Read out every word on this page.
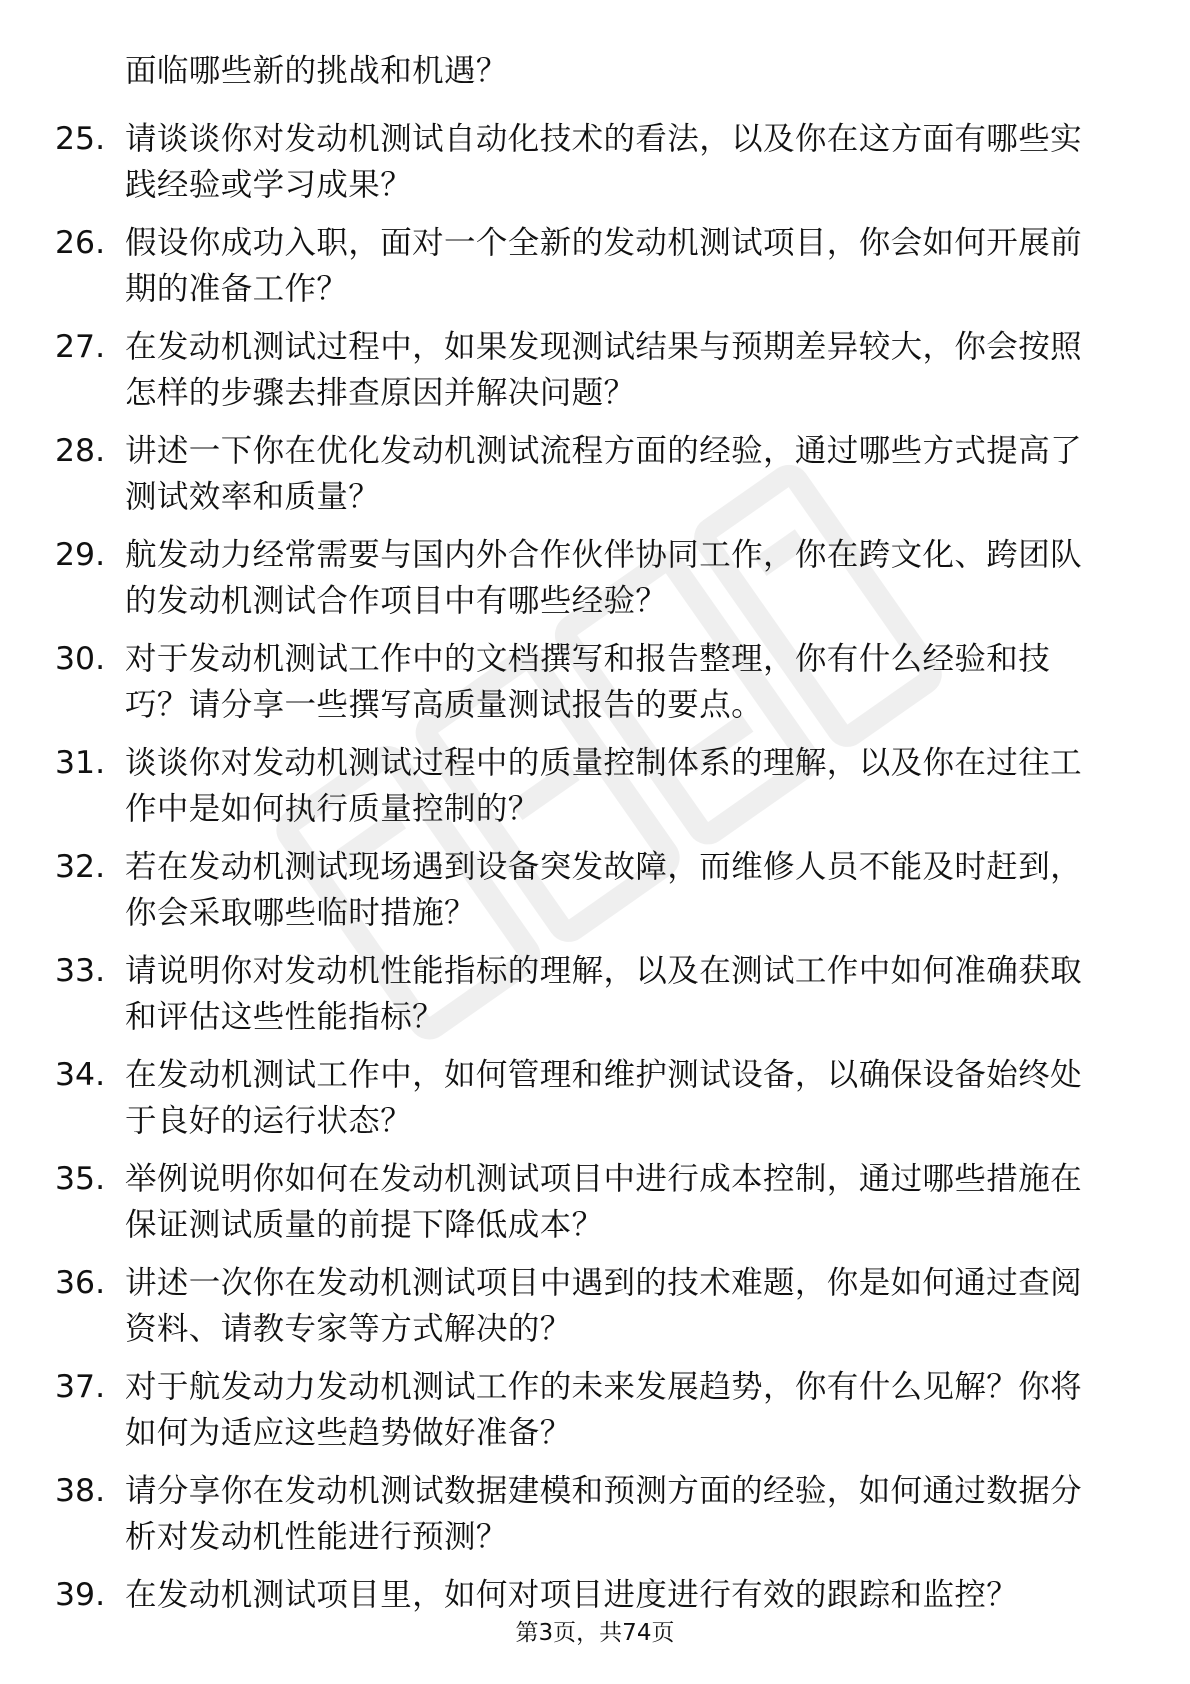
面临哪些新的挑战和机遇？
25. 请谈谈你对发动机测试自动化技术的看法，以及你在这方面有哪些实践经验或学习成果？
26. 假设你成功入职，面对一个全新的发动机测试项目，你会如何开展前期的准备工作？
27. 在发动机测试过程中，如果发现测试结果与预期差异较大，你会按照怎样的步骤去排查原因并解决问题？
28. 讲述一下你在优化发动机测试流程方面的经验，通过哪些方式提高了测试效率和质量？
29. 航发动力经常需要与国内外合作伙伴协同工作，你在跨文化、跨团队的发动机测试合作项目中有哪些经验？
30. 对于发动机测试工作中的文档撰写和报告整理，你有什么经验和技巧？请分享一些撰写高质量测试报告的要点。
31. 谈谈你对发动机测试过程中的质量控制体系的理解，以及你在过往工作中是如何执行质量控制的？
32. 若在发动机测试现场遇到设备突发故障，而维修人员不能及时赶到，你会采取哪些临时措施？
33. 请说明你对发动机性能指标的理解，以及在测试工作中如何准确获取和评估这些性能指标？
34. 在发动机测试工作中，如何管理和维护测试设备，以确保设备始终处于良好的运行状态？
35. 举例说明你如何在发动机测试项目中进行成本控制，通过哪些措施在保证测试质量的前提下降低成本？
36. 讲述一次你在发动机测试项目中遇到的技术难题，你是如何通过查阅资料、请教专家等方式解决的？
37. 对于航发动力发动机测试工作的未来发展趋势，你有什么见解？你将如何为适应这些趋势做好准备？
38. 请分享你在发动机测试数据建模和预测方面的经验，如何通过数据分析对发动机性能进行预测？
39. 在发动机测试项目里，如何对项目进度进行有效的跟踪和监控？
第3页，共74页
